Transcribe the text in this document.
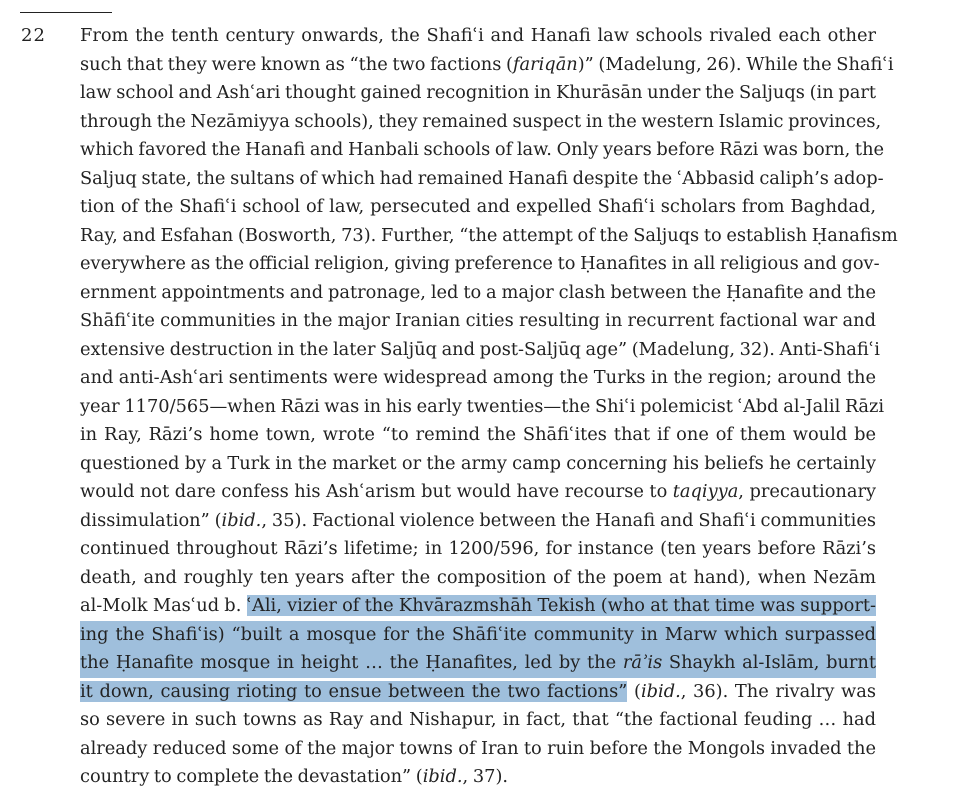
22 From the tenth century onwards, the Shafiʿi and Hanafi law schools rivaled each other
such that they were known as “the two factions (fariqān)” (Madelung, 26). While the Shafiʿi
law school and Ashʿari thought gained recognition in Khurāsān under the Saljuqs (in part
through the Nezāmiyya schools), they remained suspect in the western Islamic provinces,
which favored the Hanafi and Hanbali schools of law. Only years before Rāzi was born, the
Saljuq state, the sultans of which had remained Hanafi despite the ʿAbbasid caliph’s adop-
tion of the Shafiʿi school of law, persecuted and expelled Shafiʿi scholars from Baghdad,
Ray, and Esfahan (Bosworth, 73). Further, “the attempt of the Saljuqs to establish Ḥanafism
everywhere as the official religion, giving preference to Ḥanafites in all religious and gov-
ernment appointments and patronage, led to a major clash between the Ḥanafite and the
Shāfiʿite communities in the major Iranian cities resulting in recurrent factional war and
extensive destruction in the later Saljūq and post-Saljūq age” (Madelung, 32). Anti-Shafiʿi
and anti-Ashʿari sentiments were widespread among the Turks in the region; around the
year 1170/565—when Rāzi was in his early twenties—the Shiʿi polemicist ʿAbd al-Jalil Rāzi
in Ray, Rāzi’s home town, wrote “to remind the Shāfiʿites that if one of them would be
questioned by a Turk in the market or the army camp concerning his beliefs he certainly
would not dare confess his Ashʿarism but would have recourse to taqiyya, precautionary
dissimulation” (ibid., 35). Factional violence between the Hanafi and Shafiʿi communities
continued throughout Rāzi’s lifetime; in 1200/596, for instance (ten years before Rāzi’s
death, and roughly ten years after the composition of the poem at hand), when Nezām
al-Molk Masʿud b. ʿAli, vizier of the Khvārazmshāh Tekish (who at that time was support-
ing the Shafiʿis) “built a mosque for the Shāfiʿite community in Marw which surpassed
the Ḥanafite mosque in height … the Ḥanafites, led by the rāʾis Shaykh al-Islām, burnt
it down, causing rioting to ensue between the two factions” (ibid., 36). The rivalry was
so severe in such towns as Ray and Nishapur, in fact, that “the factional feuding … had
already reduced some of the major towns of Iran to ruin before the Mongols invaded the
country to complete the devastation” (ibid., 37).
